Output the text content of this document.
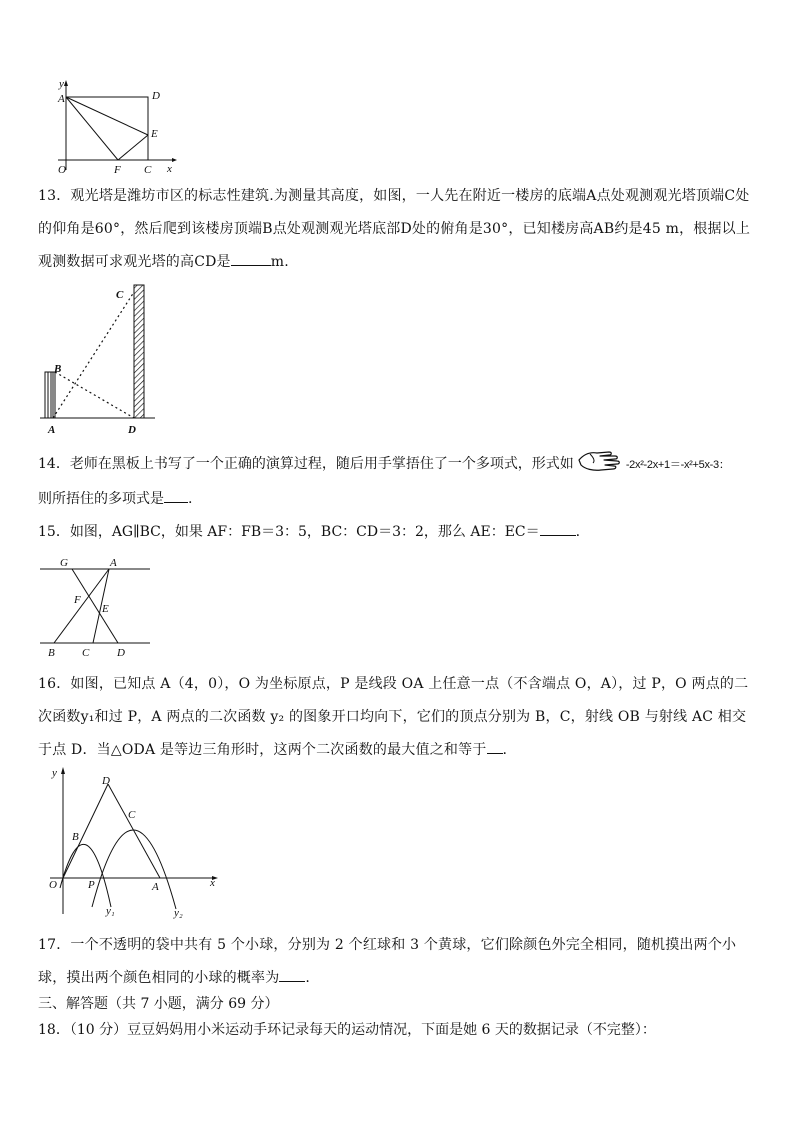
y
x
A	D
E
O	F C
13．观光塔是潍坊市区的标志性建筑.为测量其高度，如图，一人先在附近一楼房的底端A点处观测观光塔顶端C处的仰角是60°，然后爬到该楼房顶端B点处观测观光塔底部D处的俯角是30°，已知楼房高AB约是45 m，根据以上观测数据可求观光塔的高CD是	m.
C
B
A	D
14．老师在黑板上书写了一个正确的演算过程，随后用手掌捂住了一个多项式，形式如	-2x²-2x+1＝-x²+5x-3：
则所捂住的多项式是 .
15．如图，AG∥BC，如果 AF：FB＝3：5，BC：CD＝3：2，那么 AE：EC＝	.
G	A
F
E
B C	D
16．如图，已知点 A（4，0），O 为坐标原点，P 是线段 OA 上任意一点（不含端点 O，A），过 P，O 两点的二次函数y₁和过 P，A 两点的二次函数 y₂ 的图象开口均向下，它们的顶点分别为 B，C，射线 OB 与射线 AC 相交于点 D．当△ODA 是等边三角形时，这两个二次函数的最大值之和等于 .
y
D
C
B
O	P	A	x
y₁	y₂
17．一个不透明的袋中共有 5 个小球，分别为 2 个红球和 3 个黄球，它们除颜色外完全相同，随机摸出两个小球，摸出两个颜色相同的小球的概率为 .
三、解答题（共 7 小题，满分 69 分）
18．（10 分）豆豆妈妈用小米运动手环记录每天的运动情况，下面是她 6 天的数据记录（不完整）：
